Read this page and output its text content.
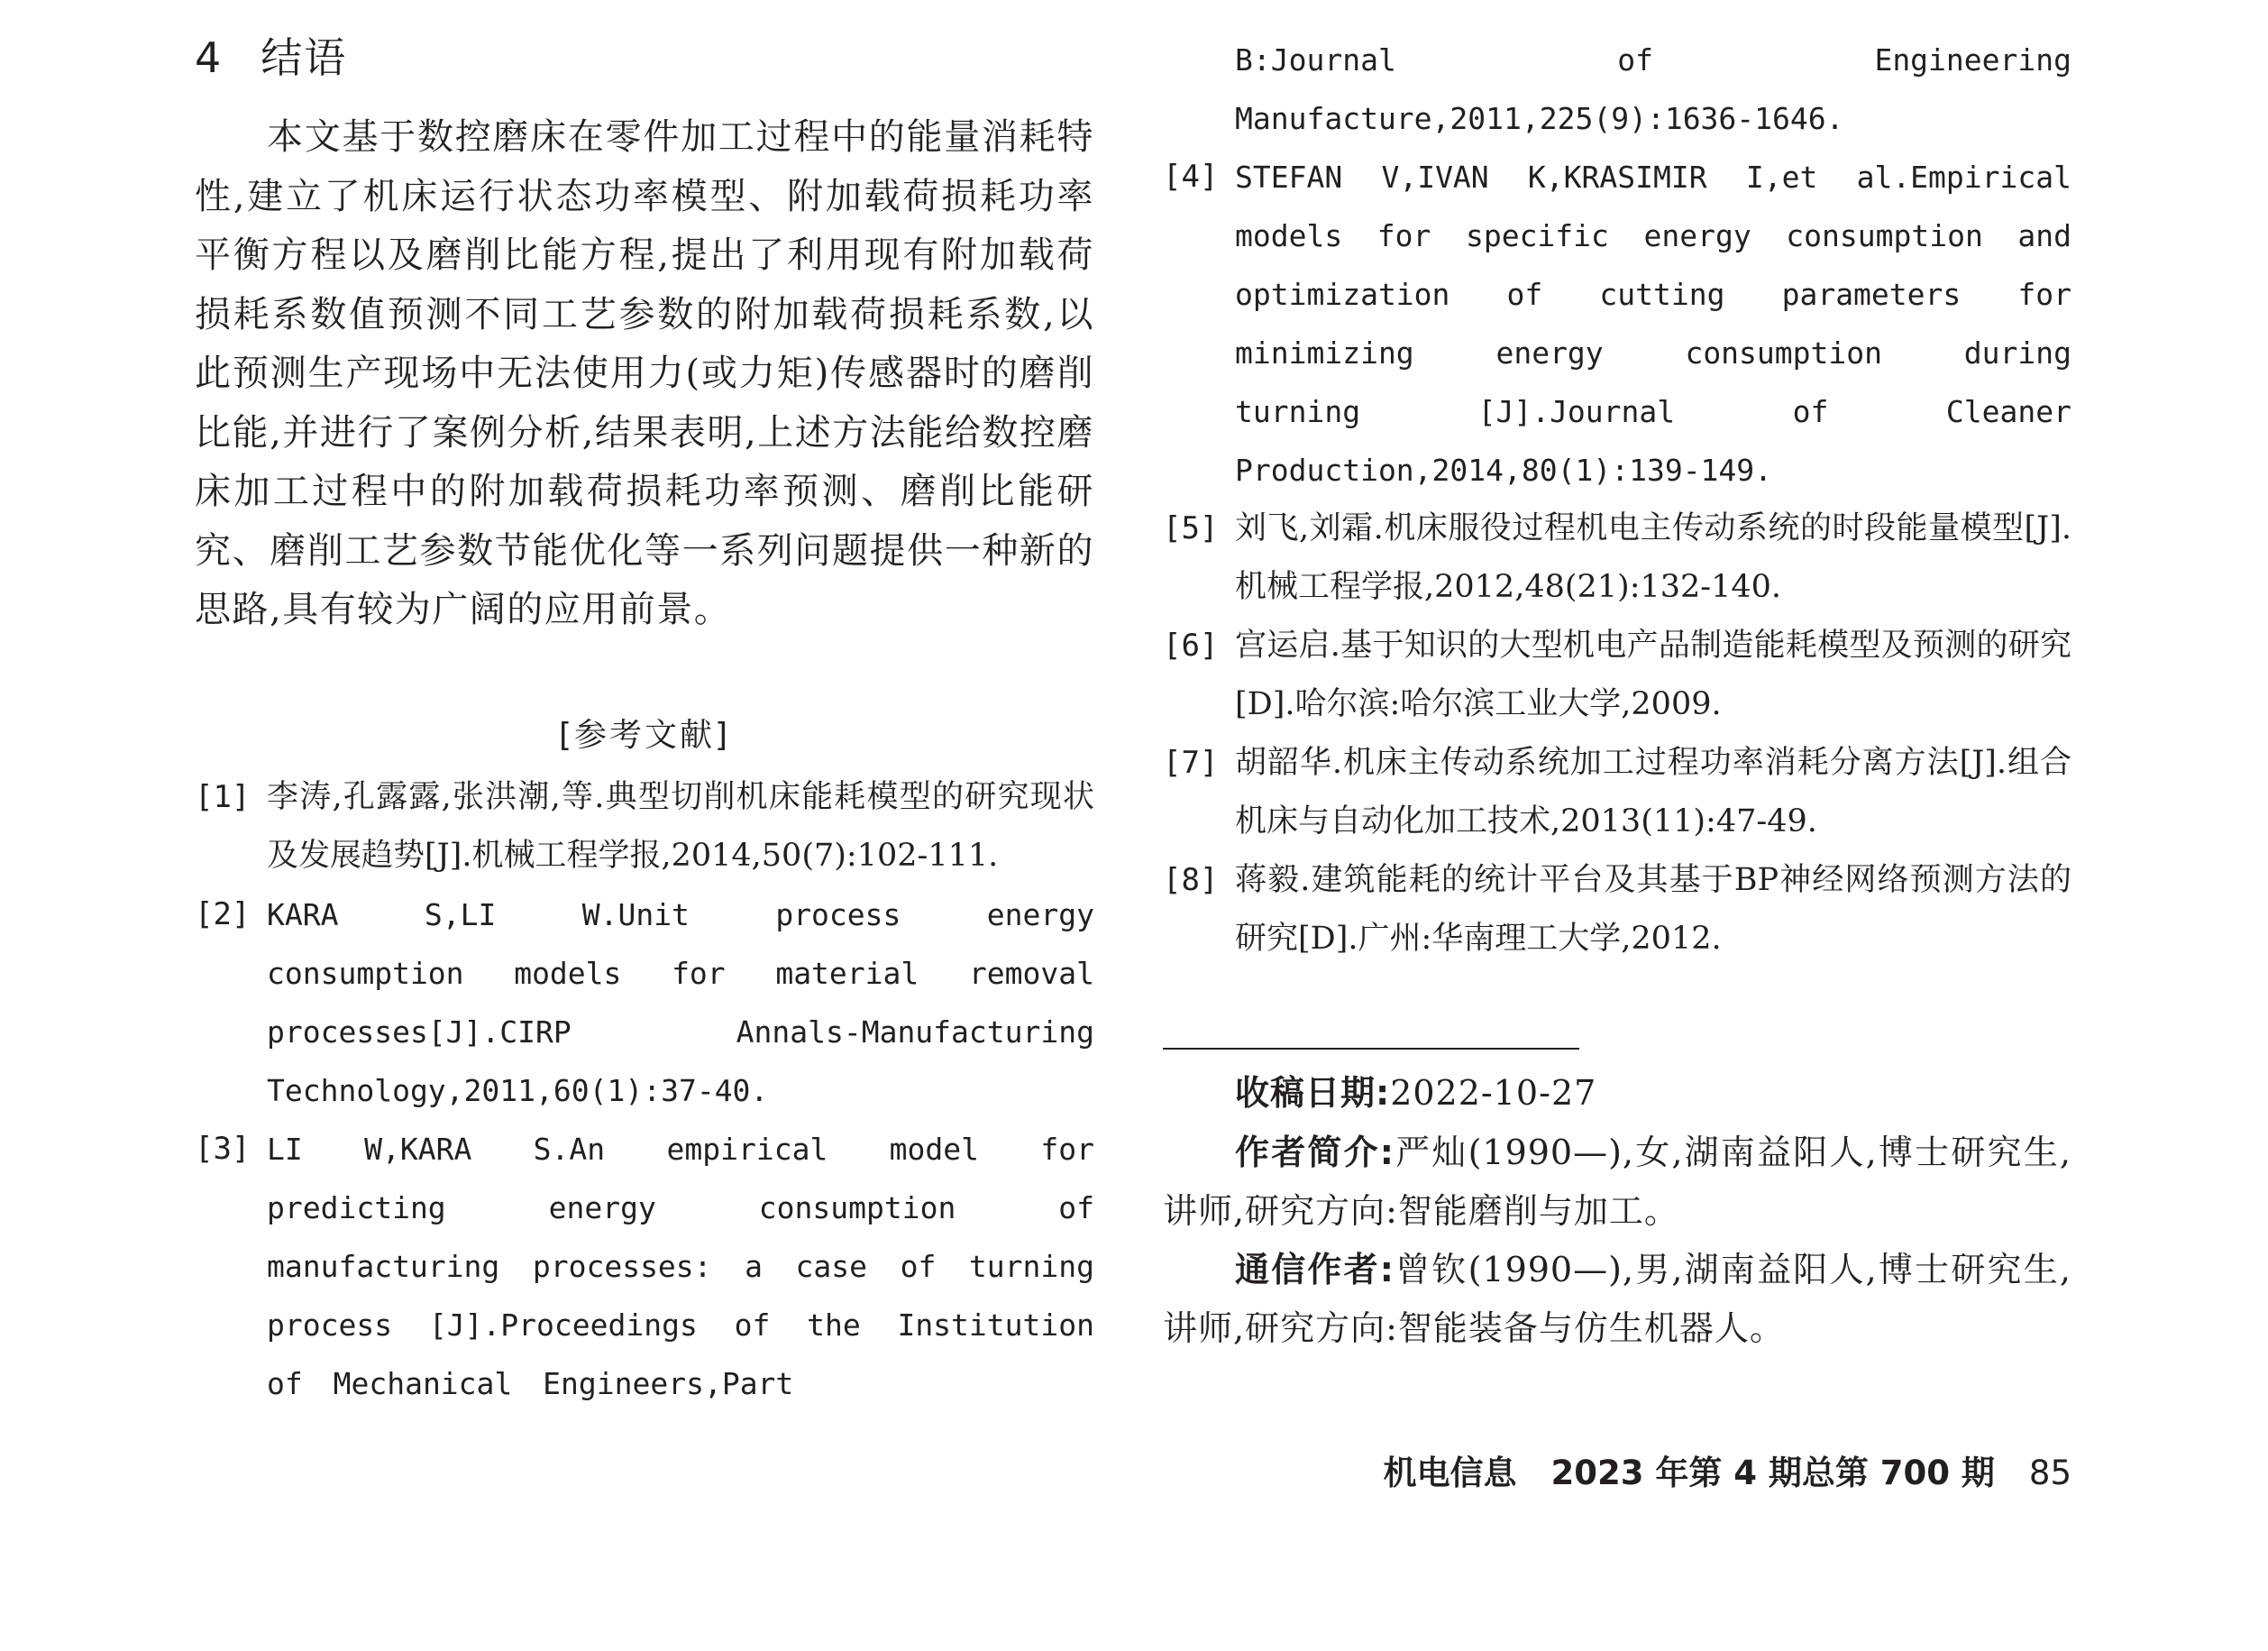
4 结语

本文基于数控磨床在零件加工过程中的能量消耗特性,建立了机床运行状态功率模型、附加载荷损耗功率平衡方程以及磨削比能方程,提出了利用现有附加载荷损耗系数值预测不同工艺参数的附加载荷损耗系数,以此预测生产现场中无法使用力(或力矩)传感器时的磨削比能,并进行了案例分析,结果表明,上述方法能给数控磨床加工过程中的附加载荷损耗功率预测、磨削比能研究、磨削工艺参数节能优化等一系列问题提供一种新的思路,具有较为广阔的应用前景。

[参考文献]
[1] 李涛,孔露露,张洪潮,等.典型切削机床能耗模型的研究现状及发展趋势[J].机械工程学报,2014,50(7):102-111.
[2] KARA S,LI W.Unit process energy consumption models for material removal processes[J].CIRP Annals-Manufacturing Technology,2011,60(1):37-40.
[3] LI W,KARA S.An empirical model for predicting energy consumption of manufacturing processes: a case of turning process [J].Proceedings of the Institution of Mechanical Engineers,Part
B:Journal of Engineering Manufacture,2011,225(9):1636-1646.
[4] STEFAN V,IVAN K,KRASIMIR I,et al.Empirical models for specific energy consumption and optimization of cutting parameters for minimizing energy consumption during turning [J].Journal of Cleaner Production,2014,80(1):139-149.
[5] 刘飞,刘霜.机床服役过程机电主传动系统的时段能量模型[J].机械工程学报,2012,48(21):132-140.
[6] 宫运启.基于知识的大型机电产品制造能耗模型及预测的研究[D].哈尔滨:哈尔滨工业大学,2009.
[7] 胡韶华.机床主传动系统加工过程功率消耗分离方法[J].组合机床与自动化加工技术,2013(11):47-49.
[8] 蒋毅.建筑能耗的统计平台及其基于BP神经网络预测方法的研究[D].广州:华南理工大学,2012.
收稿日期:2022-10-27
作者简介:严灿(1990—),女,湖南益阳人,博士研究生,讲师,研究方向:智能磨削与加工。
通信作者:曾钦(1990—),男,湖南益阳人,博士研究生,讲师,研究方向:智能装备与仿生机器人。
机电信息 2023 年第 4 期总第 700 期 85
